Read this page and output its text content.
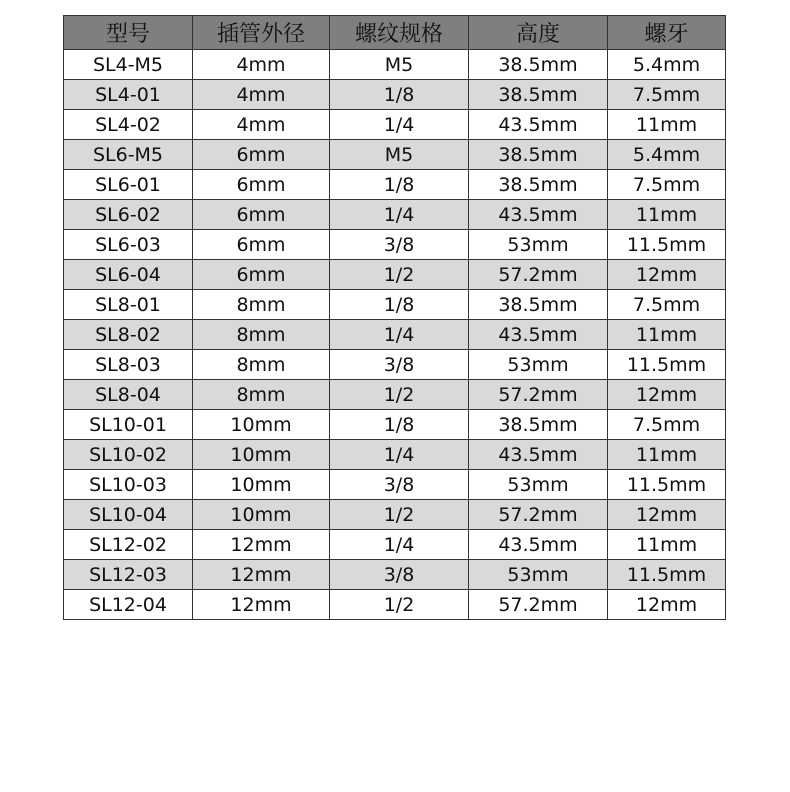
型号	插管外径	螺纹规格	高度	螺牙
SL4-M5	4mm	M5	38.5mm	5.4mm
SL4-01	4mm	1/8	38.5mm	7.5mm
SL4-02	4mm	1/4	43.5mm	11mm
SL6-M5	6mm	M5	38.5mm	5.4mm
SL6-01	6mm	1/8	38.5mm	7.5mm
SL6-02	6mm	1/4	43.5mm	11mm
SL6-03	6mm	3/8	53mm	11.5mm
SL6-04	6mm	1/2	57.2mm	12mm
SL8-01	8mm	1/8	38.5mm	7.5mm
SL8-02	8mm	1/4	43.5mm	11mm
SL8-03	8mm	3/8	53mm	11.5mm
SL8-04	8mm	1/2	57.2mm	12mm
SL10-01	10mm	1/8	38.5mm	7.5mm
SL10-02	10mm	1/4	43.5mm	11mm
SL10-03	10mm	3/8	53mm	11.5mm
SL10-04	10mm	1/2	57.2mm	12mm
SL12-02	12mm	1/4	43.5mm	11mm
SL12-03	12mm	3/8	53mm	11.5mm
SL12-04	12mm	1/2	57.2mm	12mm
